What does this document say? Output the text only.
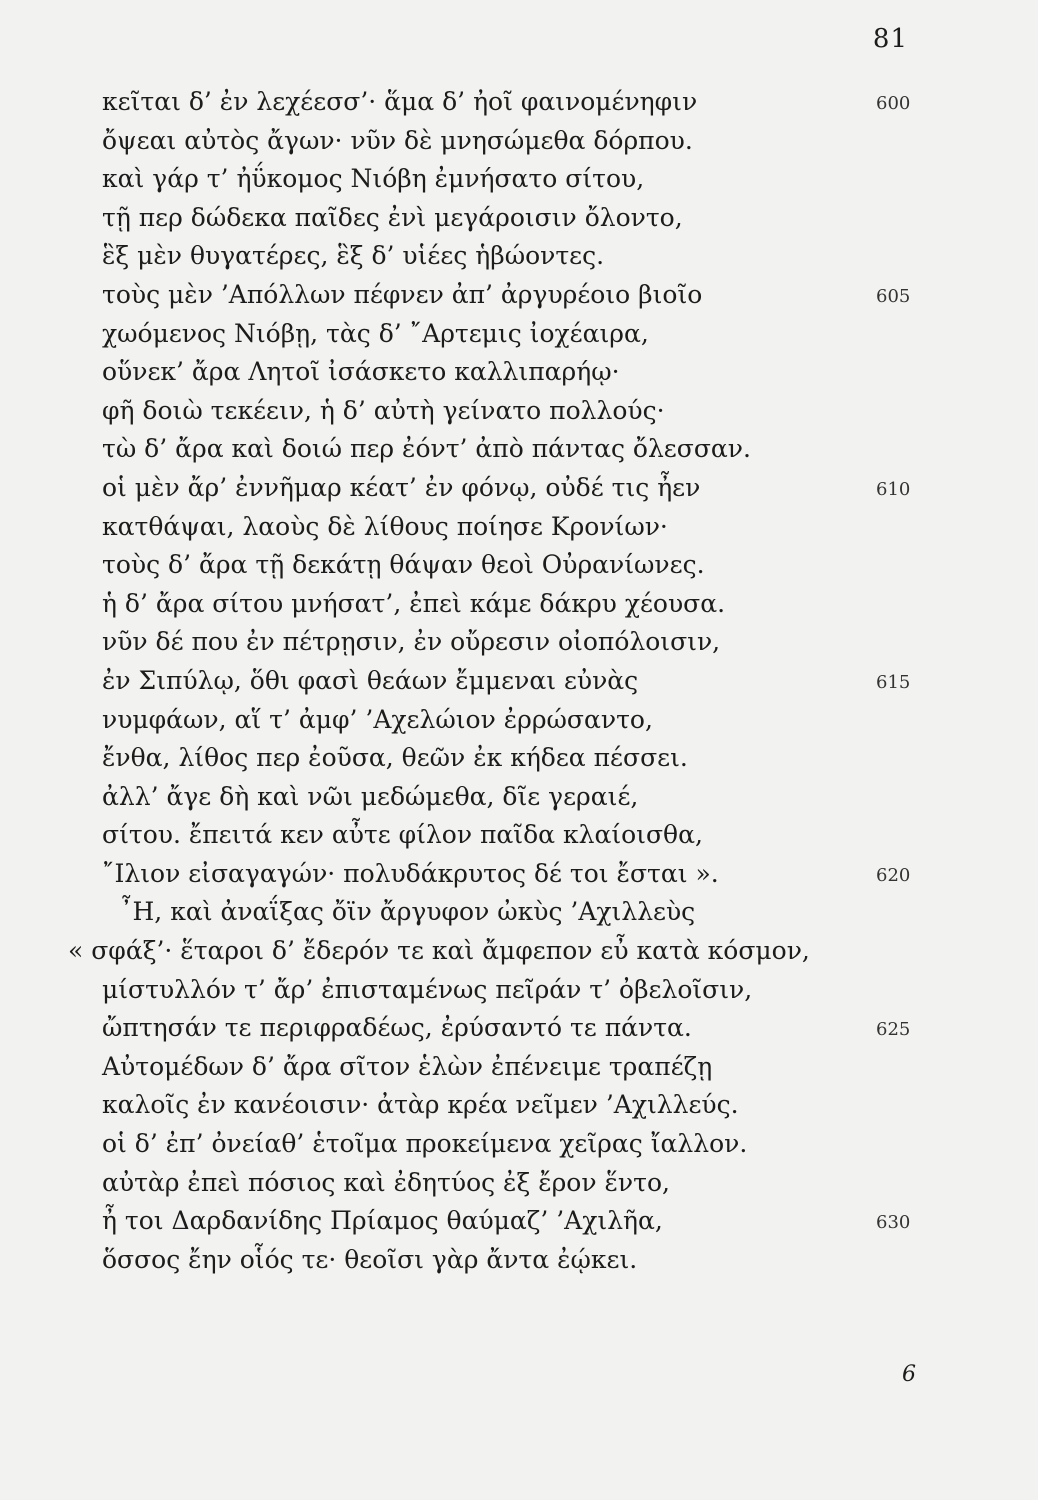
81
κεῖται δ’ ἐν λεχέεσσ’· ἅμα δ’ ἠοῖ φαινομένηφιν	600
ὄψεαι αὐτὸς ἄγων· νῦν δὲ μνησώμεθα δόρπου.
καὶ γάρ τ’ ἠΰκομος Νιόβη ἐμνήσατο σίτου,
τῇ περ δώδεκα παῖδες ἐνὶ μεγάροισιν ὄλοντο,
ἓξ μὲν θυγατέρες, ἓξ δ’ υἱέες ἡβώοντες.
τοὺς μὲν ’Απόλλων πέφνεν ἀπ’ ἀργυρέοιο βιοῖο	605
χωόμενος Νιόβῃ, τὰς δ’ ῎Αρτεμις ἰοχέαιρα,
οὕνεκ’ ἄρα Λητοῖ ἰσάσκετο καλλιπαρήῳ·
φῆ δοιὼ τεκέειν, ἡ δ’ αὐτὴ γείνατο πολλούς·
τὼ δ’ ἄρα καὶ δοιώ περ ἐόντ’ ἀπὸ πάντας ὄλεσσαν.
οἱ μὲν ἄρ’ ἐννῆμαρ κέατ’ ἐν φόνῳ, οὐδέ τις ἦεν	610
κατθάψαι, λαοὺς δὲ λίθους ποίησε Κρονίων·
τοὺς δ’ ἄρα τῇ δεκάτῃ θάψαν θεοὶ Οὐρανίωνες.
ἡ δ’ ἄρα σίτου μνήσατ’, ἐπεὶ κάμε δάκρυ χέουσα.
νῦν δέ που ἐν πέτρῃσιν, ἐν οὔρεσιν οἰοπόλοισιν,
ἐν Σιπύλῳ, ὅθι φασὶ θεάων ἔμμεναι εὐνὰς	615
νυμφάων, αἵ τ’ ἀμφ’ ’Αχελώιον ἐρρώσαντο,
ἔνθα, λίθος περ ἐοῦσα, θεῶν ἐκ κήδεα πέσσει.
ἀλλ’ ἄγε δὴ καὶ νῶι μεδώμεθα, δῖε γεραιέ,
σίτου. ἔπειτά κεν αὖτε φίλον παῖδα κλαίοισθα,
῎Ιλιον εἰσαγαγών· πολυδάκρυτος δέ τοι ἔσται ».	620
῏Η, καὶ ἀναΐξας ὄϊν ἄργυφον ὠκὺς ’Αχιλλεὺς
« σφάξ’· ἕταροι δ’ ἔδερόν τε καὶ ἄμφεπον εὖ κατὰ κόσμον,
μίστυλλόν τ’ ἄρ’ ἐπισταμένως πεῖράν τ’ ὀβελοῖσιν,
ὤπτησάν τε περιφραδέως, ἐρύσαντό τε πάντα.	625
Αὐτομέδων δ’ ἄρα σῖτον ἑλὼν ἐπένειμε τραπέζῃ
καλοῖς ἐν κανέοισιν· ἀτὰρ κρέα νεῖμεν ’Αχιλλεύς.
οἱ δ’ ἐπ’ ὀνείαθ’ ἑτοῖμα προκείμενα χεῖρας ἴαλλον.
αὐτὰρ ἐπεὶ πόσιος καὶ ἐδητύος ἐξ ἔρον ἕντο,
ἦ τοι Δαρδανίδης Πρίαμος θαύμαζ’ ’Αχιλῆα,	630
ὅσσος ἔην οἷός τε· θεοῖσι γὰρ ἄντα ἐῴκει.
6
